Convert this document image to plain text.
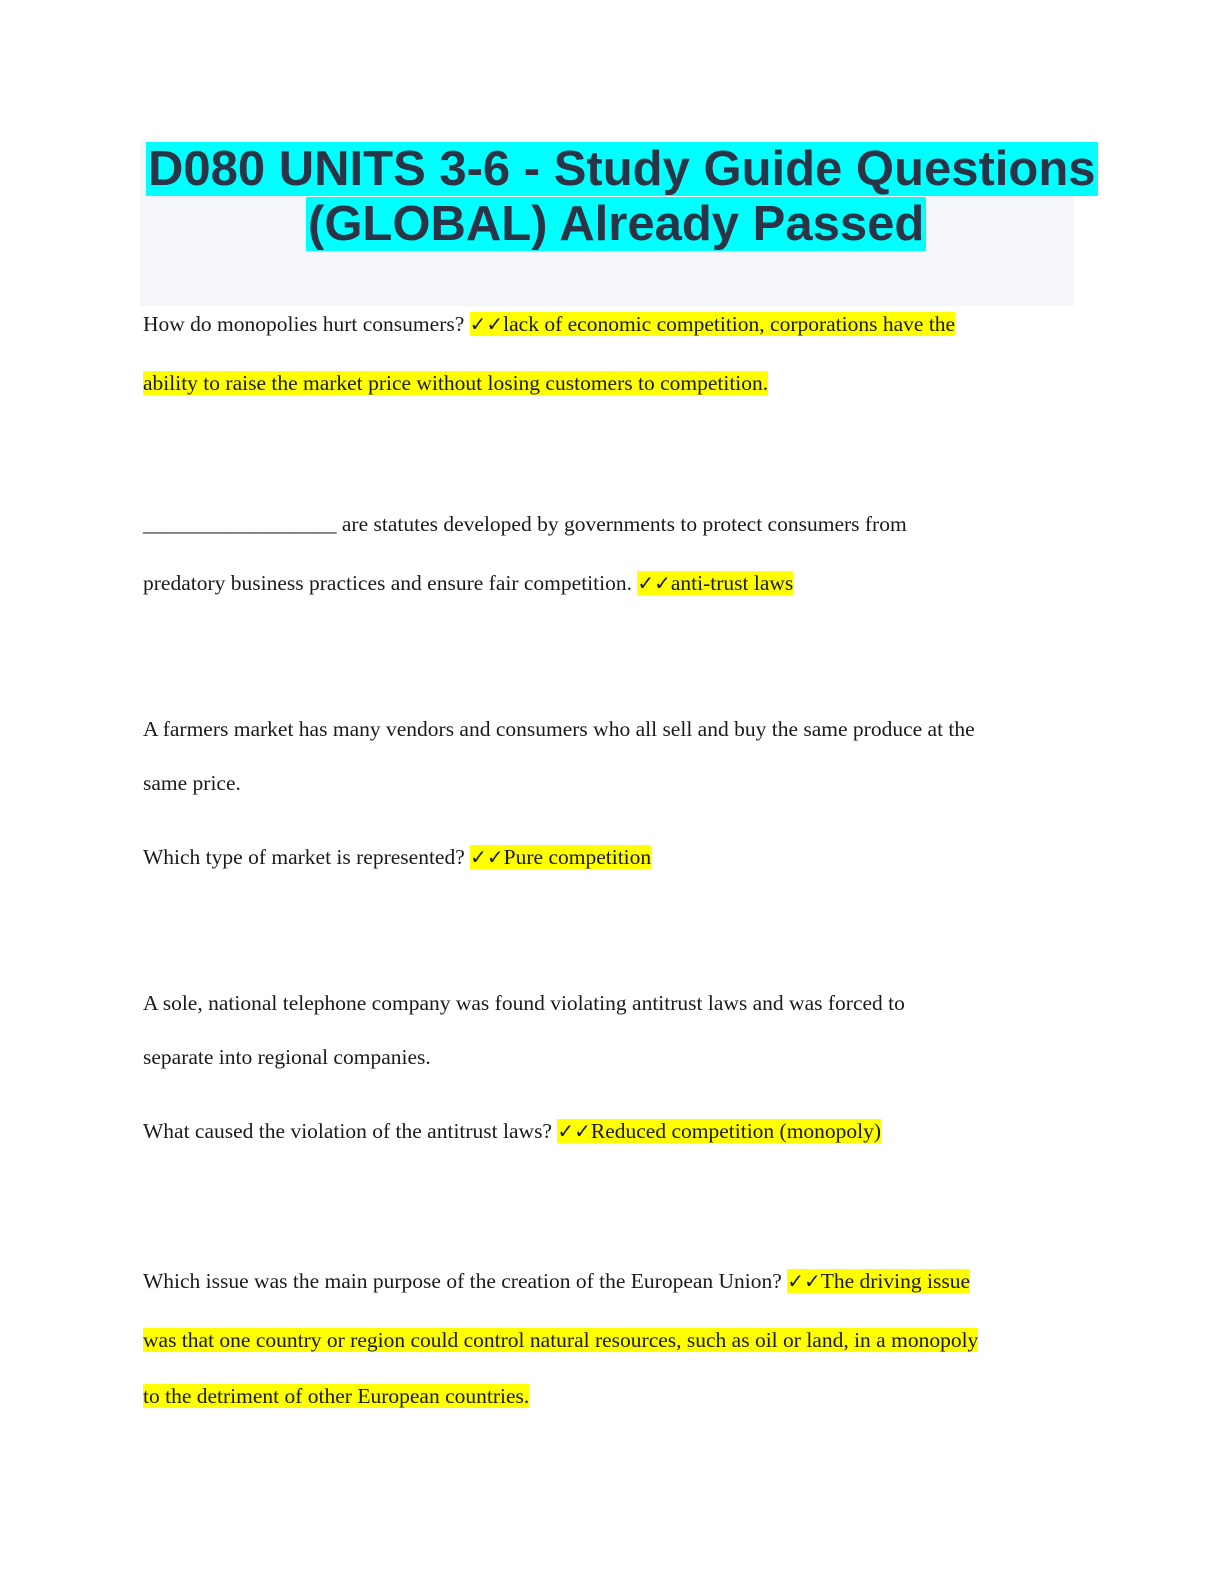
D080 UNITS 3-6 - Study Guide Questions
(GLOBAL) Already Passed
How do monopolies hurt consumers? ✓✓lack of economic competition, corporations have the
ability to raise the market price without losing customers to competition.
__________________ are statutes developed by governments to protect consumers from
predatory business practices and ensure fair competition. ✓✓anti-trust laws
A farmers market has many vendors and consumers who all sell and buy the same produce at the
same price.
Which type of market is represented? ✓✓Pure competition
A sole, national telephone company was found violating antitrust laws and was forced to
separate into regional companies.
What caused the violation of the antitrust laws? ✓✓Reduced competition (monopoly)
Which issue was the main purpose of the creation of the European Union? ✓✓The driving issue
was that one country or region could control natural resources, such as oil or land, in a monopoly
to the detriment of other European countries.
